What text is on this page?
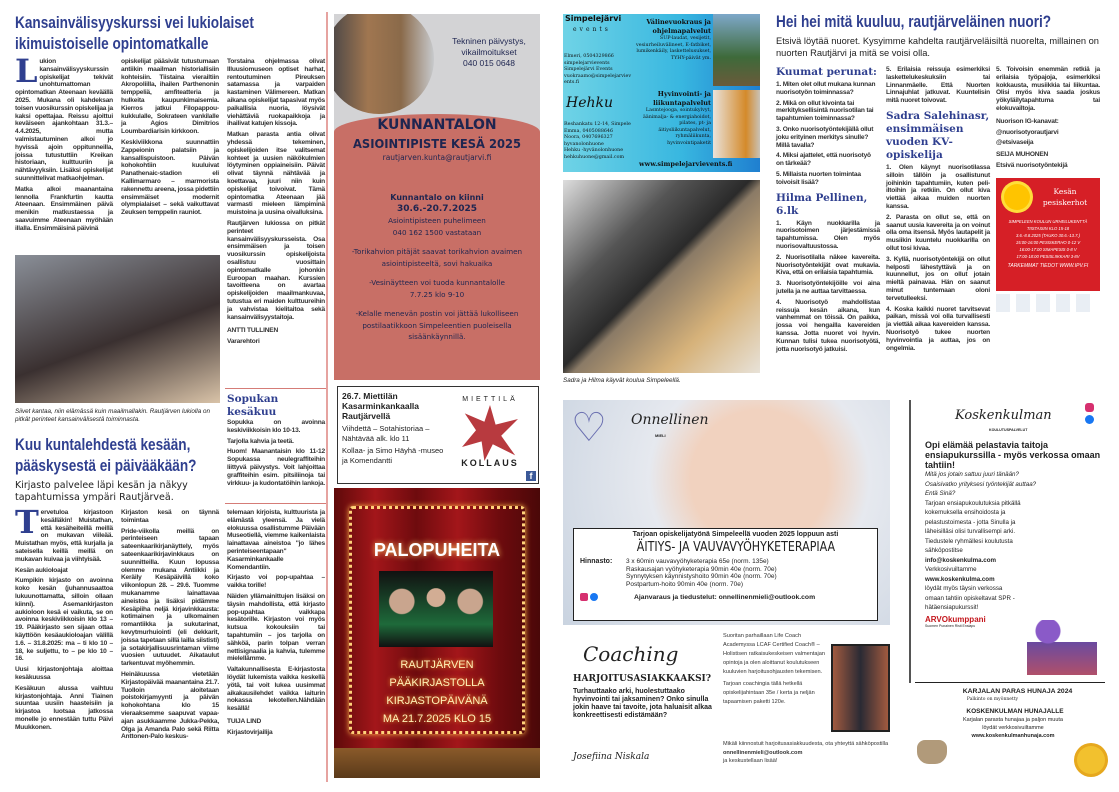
Kansainvälisyyskurssi vei lukiolaiset ikimuistoiselle opintomatkalle
L ukion kansainvälisyyskurssin opiskelijat tekivät unohtumattoman opintomatkan Ateenaan keväällä 2025. Mukana oli kahdeksan toisen vuosikurssin opiskelijaa ja kaksi opettajaa. Reissu ajoittui keväiseen ajankohtaan 31.3.–4.4.2025, mutta valmistautuminen alkoi jo hyvissä ajoin oppitunneilla, joissa tutustuttiin Kreikan historiaan, kulttuuriin ja nähtävyyksiin. Lisäksi opiskelijat suunnittelivat matkaohjelman.

Matka alkoi maanantaina lennolla Frankfurtin kautta Ateenaan. Ensimmäinen päivä menikin matkustaessa ja saavuimme Ateenaan myöhään illalla. Ensimmäisinä päivinä

opiskelijat pääsivät tutustumaan antiikin maailman historiallisiin kohteisiin. Tiistaina vierailtiin Akropoliilla, ihailen Parthenonin temppeliä, amfiteatteria ja hulkeita kaupunkimaisemia. Kierros jatkui Filopappou-kukkulalle, Sokrateen vankilalle ja Agios Dimitrios Loumbardiarisin kirkkoon.

Keskiviikkona suunnattiin Zappeionin palatsiin ja kansallispuistoon. Päivän kohokohtiin kuuluivat Panathenaic-stadion eli Kallimarmaro – marmorista rakennettu areena, jossa pidettiin ensimmäiset modernit olympialaiset – sekä vaikuttavat Zeuksen temppelin rauniot.

Torstaina ohjelmassa olivat Illuusiomuseon optiset harhat, rentoutuminen Pireuksen satamassa ja varpaiden kastaminen Välimereen. Matkan aikana opiskelijat tapasivat myös paikallisia nuoria, löysivät viehättäviä ruokapaikkoja ja ihailivat katujen kissoja.

Matkan parasta antia olivat yhdessä tekeminen, opiskelijoiden itse valitsemat kohteet ja uusien näkökulmien löytyminen oppiaineisiin. Päivät olivat täynnä nähtävää ja koettavaa, juuri niin kuin opiskelijat toivoivat. Tämä opintomatka Ateenaan jää varmasti mieleen lämpiminä muistoina ja uusina oivalluksina.

Rautjärven lukiossa on pitkät perinteet kansainvälisyyskursseista. Osa ensimmäisen ja toisen vuosikurssin opiskelijoista osallistuu vuosittain opintomatkalle johonkin Euroopan maahan. Kurssien tavoitteena on avartaa opiskelijoiden maailmankuvaa, tutustua eri maiden kulttuureihin ja vahvistaa kielitaitoa sekä kansainvälisyystaitoja.

ANTTI TULLINEN

Vararehtori

Siivet kantaa, niin elämässä kuin maailmallakin. Rautjärven lukiolla on pitkät perinteet kansainvälisestä toiminnasta.
Sopukan kesäkuu

Sopukka on avoinna keskiviikkoisin klo 10-13.

Tarjolla kahvia ja teetä.

Huom! Maanantaisin klo 11-12 Sopukassa neulegraffiteihin liittyvä päivystys. Voit lahjoittaa graffiteihin esim. pitsiliinoja tai virkkuu- ja kudontatöihin lankoja.

Kuu kuntalehdestä kesään, pääskysestä ei päivääkään?
Kirjasto palvelee läpi kesän ja näkyy tapahtumissa ympäri Rautjärveä.
T ervetuloa kirjastoon kesälläkin! Muistathan, että kesäheiteillä meillä on mukavan viileää. Muistathan myös, että kurjalla ja sateisella keillä meillä on mukavan kuivaa ja viihtyisää.

Kesän aukioloajat

Kumpikin kirjasto on avoinna koko kesän (juhannusaattoa lukuunottamatta, silloin ollaan kiinni). Asemankirjaston aukioloon kesä ei vaikuta, se on avoinna keskiviikkoisin klo 13 – 19. Pääkirjasto sen sijaan ottaa käyttöön kesäaukioloajan välillä 1.6. – 31.8.2025: ma – ti klo 10 – 18, ke suljettu, to – pe klo 10 – 16.

Uusi kirjastonjohtaja aloittaa kesäkuussa

Kesäkuun alussa vaihtuu kirjastonjohtaja. Anni Tiainen suuntaa uusiin haasteisiin ja kirjastoa luotsaa jatkossa monelle jo ennestään tuttu Päivi Muukkonen.

Kirjaston kesä on täynnä toimintaa

Pride-viikolla meillä on perinteiseen tapaan sateenkaarikirjanäyttely, myös sateenkaarikirjavinkkaus on suunnitteilla. Kuun lopussa olemme mukana Antiikki ja Keräily Kesäpäivillä koko viikonlopun 28. – 29.6. Tuomme mukanamme lainattavaa aineistoa ja lisäksi pidämme Kesäpiiha neljä kirjavinkkausta: kotimainen ja ulkomainen romantiikka ja sukutarinat, kevytmurhuiointi (eli dekkarit, joissa tapetaan sillä lailla siististi) ja sotakirjallisuusrintaman viime vuosien uutuudet. Aikataulut tarkentuvat myöhemmin.

Heinäkuussa vietetään Kirjastopäivää maanantaina 21.7. Tuolloin aloitetaan poistokirjamyynti ja päivän kohokohtana klo 15 vieraaksemme saapuvat vapaa-ajan asukkaamme Jukka-Pekka, Olga ja Amanda Palo sekä Riitta Anttonen-Palo keskus-

telemaan kirjoista, kulttuurista ja elämästä yleensä. Ja vielä elokuussa osallistumme Päivään Museotiellä, viemme kaikenlaista lainattavaa aineistoa "jo lähes perinteiseentapaan" Kasarminkankaalle Komendantiin.

Kirjasto voi pop-upahtaa – vaikka torille!

Näiden yllämainittujen lisäksi on täysin mahdollista, että kirjasto pop-upahtaa vaikkapa kesätorille. Kirjaston voi myös kutsua kokouksiin tai tapahtumiin – jos tarjolla on sähköä, parin tolpan verran nettisignaalia ja kahvia, tulemme mielellämme.

Valtakunnallisesta E-kirjastosta löydät lukemista vaikka keskellä yötä, tai voit lukea uusimmat aikakausilehdet vaikka laiturin nokassa lekotellen.Nähdään kesällä!

TUIJA LIND

Kirjastovirjailija

Tekninen päivystys, vikailmoitukset
040 015 0648
KUNNANTALON
ASIOINTIPISTE KESÄ 2025
rautjarven.kunta@rautjarvi.fi
Kunnantalo on kiinni
30.6.-20.7.2025
Asiointipisteen puhelimeen
040 162 1500 vastataan
-Torikahvion pitäjät saavat torikahvion avaimen asiointipisteeltä, sovi hakuaika
-Vesinäytteen voi tuoda kunnantalolle
7.7.25 klo 9-10
-Kelalle menevän postin voi jättää lukolliseen postilaatikkoon Simpeleentien puoleisella sisäänkäynnillä.
26.7. Miettilän Kasarminkankaalla Rautjärvellä
Viihdettä – Sotahistoriaa – Nähtävää alk. klo 11
Kollaa- ja Simo Häyhä -museo ja Komendantti
MIETTILÄ
KOLLAUS
f
PALOPUHEITA
RAUTJÄRVEN
PÄÄKIRJASTOLLA
KIRJASTOPÄIVÄNÄ
MA 21.7.2025 KLO 15
Simpelejärvi
events
Elmeri, 0504329866
simpelejarvievents
Simpelejärvi Events
vuokraamo@simpelejarvievents.fi
Välinevuokraus ja ohjelmapalvelut
SUP-laudat, vesijetit, vesiurheiluvälineet, E-fatbiket, lumikenkäily, laskettelusukset, TYHY-päivät ym.
Hehku
Reshankatu 12-14, Simpele
Emma, 0405088646
Noora, 0407696327
hyvanolonhuone
Hehku -hyvänolonhuone
hehkuhuone@gmail.com
Hyvinvointi- ja liikuntapalvelut
Lasmtejooga, sointukylvyt, äänimalja- & energiahoidot, pilates, pt- ja äitiysliikuntapalvelut, ryhmäliikunta, hyvinvointipaketit
www.simpelejarvievents.fi
Sadra ja Hilma käyvät koulua Simpeleellä.
Hei hei mitä kuuluu, rautjärveläinen nuori?
Etsivä löytää nuoret. Kysyimme kahdelta rautjärveläisiltä nuorelta, millainen on nuorten Rautjärvi ja mitä se voisi olla.
Kuumat perunat:

1. Miten olet ollut mukana kunnan nuorisotyön toiminnassa?

2. Mikä on ollut kivointa tai merkityksellisintä nuorisotilan tai tapahtumien toiminnassa?

3. Onko nuorisotyöntekijällä ollut joku erityinen merkitys sinulle? Millä tavalla?

4. Miksi ajattelet, että nuorisotyö on tärkeää?

5. Millaista nuorten toimintaa toivoisit lisää?

Hilma Pellinen, 6.lk

1. Käyn nuokkarilla ja nuorisotoimen järjestämissä tapahtumissa. Olen myös nuorisovaltuustossa.

2. Nuorisotilalla näkee kavereita. Nuorisotyöntekijät ovat mukavia. Kiva, että on erilaisia tapahtumia.

3. Nuorisotyöntekijöille voi aina jutella ja ne auttaa tarvittaessa.

4. Nuorisotyö mahdollistaa reissuja kesän aikana, kun vanhemmat on töissä. On paikka, jossa voi hengailla kavereiden kanssa. Jotta nuoret voi hyvin. Kunnan tulisi tukea nuorisotyötä, jotta nuorisotyö jatkuisi.

5. Erilaisia reissuja esimerkiksi laskettelukeskuksiin tai Linnanmäelle. Että Nuorten Linnajuhlat jatkuvat. Kuuntelisin mitä nuoret toivovat.

Sadra Salehinasr, ensimmäisen vuoden KV-opiskelija

1. Olen käynyt nuorisotilassa silloin tällöin ja osallistunut joihinkin tapahtumiin, kuten peli-iltoihin ja retkiin. On ollut kiva viettää aikaa muiden nuorten kanssa.

2. Parasta on ollut se, että on saanut uusia kavereita ja on voinut olla oma itsensä. Myös lautapelit ja musiikin kuuntelu nuokkarilla on ollut tosi kivaa.

3. Kyllä, nuorisotyöntekijä on ollut helposti lähestyttävä ja on kuunnellut, jos on ollut jotain mieltä painavaa. Hän on saanut minut tuntemaan oloni tervetulleeksi.

4. Koska kaikki nuoret tarvitsevat paikan, missä voi olla turvallisesti ja viettää aikaa kavereiden kanssa. Nuorisotyö tukee nuorten hyvinvointia ja auttaa, jos on ongelmia.

5. Toivoisin enemmän retkiä ja erilaisia työpajoja, esimerkiksi kokkausta, musiikkia tai liikuntaa. Olisi myös kiva saada joskus yökyläilytapahtuma tai elokuvailtoja.

Nuorison IG-kanavat:

@nuorisotyorautjarvi

@etsivaseija

SEIJA MUHONEN

Etsivä nuorisotyöntekijä

Kesän
pesiskerhot
SIMPELEEN KOULUN URHEILUKENTTÄ
TIISTAISIN KLO 15-18
3.6.-8.8.2025 (TAUKO 30.6.-13.7.)
15:00-16:00 PESISKERHO 0-12 V
16:00-17:00 SIMAPESIS 0-8 V
17:00-18:00 PESISLIIKKARI 3-8V
TARKEMMAT TIEDOT WWW.IPV.FI
♡	Onnellinen
MIELI
Tarjoan opiskelijatyönä Simpeleellä vuoden 2025 loppuun asti
ÄITIYS- JA VAUVAVYÖHYKETERAPIAA
Hinnasto:	3 x 60min vauvavyöhyketerapia 65e (norm. 135e)
Raskausajan vyöhyketerapia 90min 40e (norm. 70e)
Synnytyksen käynnistyshoito 90min 40e (norm. 70e)
Postpartum-hoito 90min 40e (norm. 70e)
Ajanvaraus ja tiedustelut: onnellinenmieli@outlook.com
Coaching
HARJOITUSASIAKKAAKSI?
Turhauttaako arki, huolestuttaako hyvinvointi tai jaksaminen? Onko sinulla jokin haave tai tavoite, jota haluaisit alkaa konkreettisesti edistämään?
Josefiina Niskala
Suoritan parhaillaan Life Coach Academyssa LCAF Certified Coach® –Holistisen ratkaisukeskeisen valmentajan opintoja ja olen aloittanut koulutukseen kuuluvien harjoitusohjausten tekemisen.
Tarjoan coachingia tällä hetkellä opiskelijahintaan 35e / kerta ja neljän tapaamisen paketti 120e.
Mikäli kiinnostuit harjoitusasiakkuudesta, ota yhteyttä sähköpostilla onnellinenmieli@outlook.com
ja keskustellaan lisää!
Koskenkulman
KOULUTUSPALVELUT
Opi elämää pelastavia taitoja ensiapukurssilla - myös verkossa omaan tahtiin!
Mitä jos jotain sattuu juuri tänään?
Osaisivatko yrityksesi työntekijät auttaa?
Entä Sinä?
Tarjoan ensiapukoulutuksia pitkällä kokemuksella ensihoidosta ja pelastustoimesta - jotta Sinulla ja läheisilläsi olisi turvallisempi arki. Tiedustele ryhmällesi koulutusta sähköpostitse info@koskenkulma.com
Verkkosivuiltamme
www.koskenkulma.com
löydät myös täysin verkossa omaan tahtiin opiskeltavat SPR -hätäensiapukurssit!
ARVOkumppani
Suomen Punainen Risti Ensiapu
KARJALAN PARAS HUNAJA 2024
Palkinto on myönnetty
KOSKENKULMAN HUNAJALLE
Karjalan parasta hunajaa ja paljon muuta löydät verkkosivuiltamme
www.koskenkulmanhunaja.com
